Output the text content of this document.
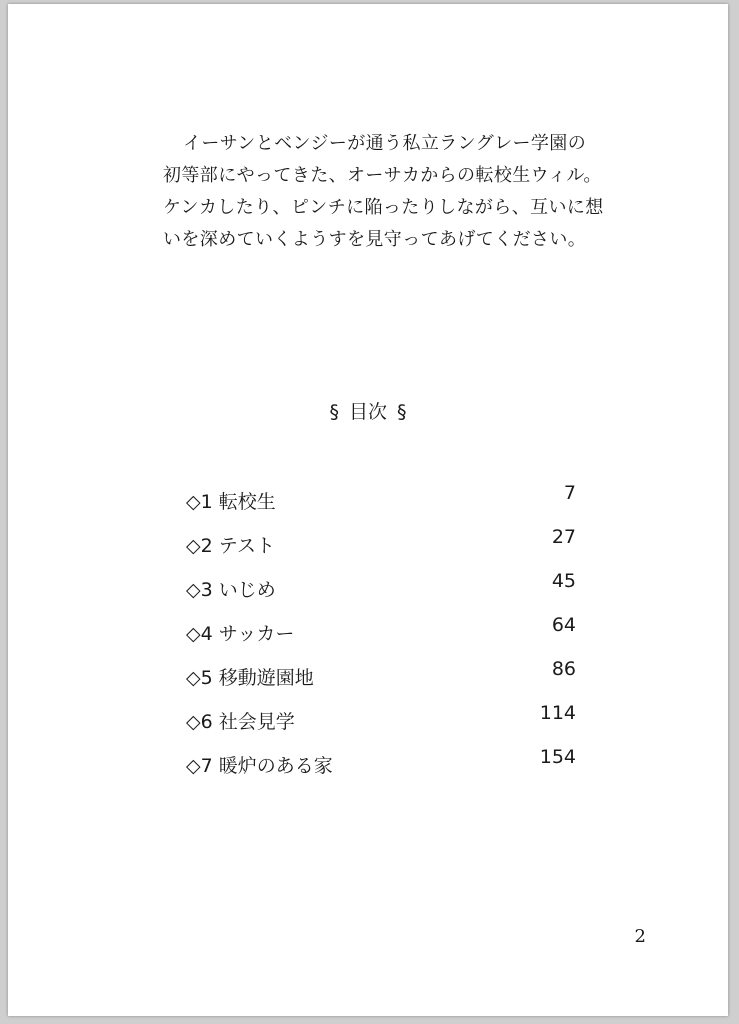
イーサンとベンジーが通う私立ラングレー学園の
初等部にやってきた、オーサカからの転校生ウィル。
ケンカしたり、ピンチに陥ったりしながら、互いに想
いを深めていくようすを見守ってあげてください。

§ 目次 §
◇1 転校生	7
◇2 テスト	27
◇3 いじめ	45
◇4 サッカー	64
◇5 移動遊園地	86
◇6 社会見学	114
◇7 暖炉のある家	154
2
